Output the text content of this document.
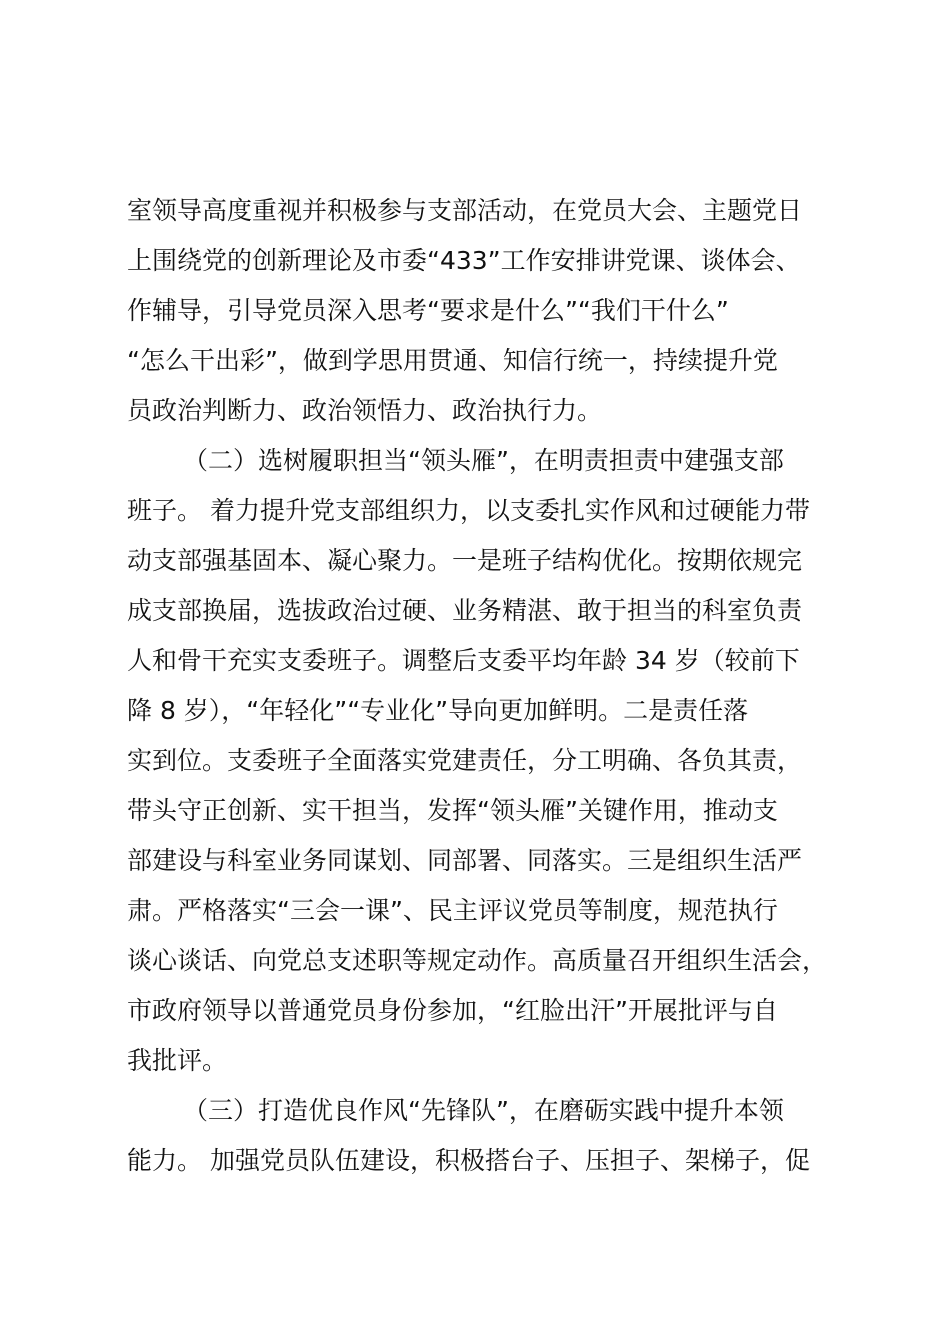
室领导高度重视并积极参与支部活动，在党员大会、主题党日
上围绕党的创新理论及市委“433”工作安排讲党课、谈体会、
作辅导，引导党员深入思考“要求是什么”“我们干什么”
“怎么干出彩”，做到学思用贯通、知信行统一，持续提升党
员政治判断力、政治领悟力、政治执行力。
（二）选树履职担当“领头雁”，在明责担责中建强支部
班子。 着力提升党支部组织力，以支委扎实作风和过硬能力带
动支部强基固本、凝心聚力。一是班子结构优化。按期依规完
成支部换届，选拔政治过硬、业务精湛、敢于担当的科室负责
人和骨干充实支委班子。调整后支委平均年龄 34 岁（较前下
降 8 岁），“年轻化”“专业化”导向更加鲜明。二是责任落
实到位。支委班子全面落实党建责任，分工明确、各负其责，
带头守正创新、实干担当，发挥“领头雁”关键作用，推动支
部建设与科室业务同谋划、同部署、同落实。三是组织生活严
肃。严格落实“三会一课”、民主评议党员等制度，规范执行
谈心谈话、向党总支述职等规定动作。高质量召开组织生活会，
市政府领导以普通党员身份参加，“红脸出汗”开展批评与自
我批评。
（三）打造优良作风“先锋队”，在磨砺实践中提升本领
能力。 加强党员队伍建设，积极搭台子、压担子、架梯子，促
